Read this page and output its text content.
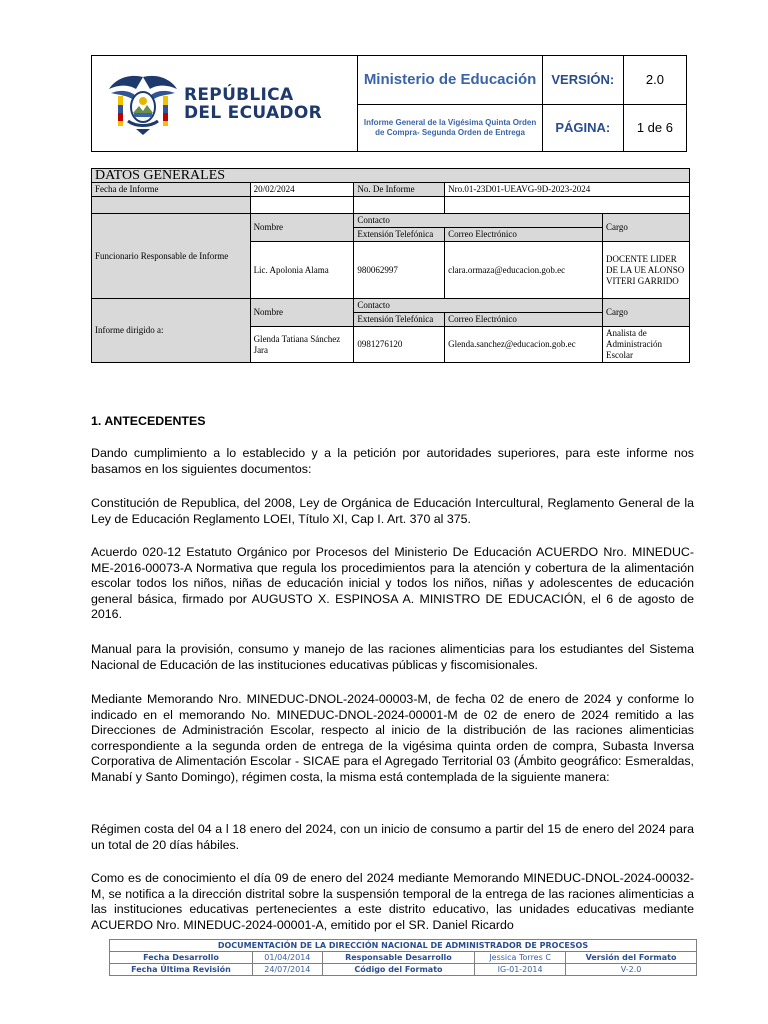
REPÚBLICA
DEL ECUADOR	Ministerio de Educación	VERSIÓN:	2.0

	Informe General de la Vigésima Quinta Orden de Compra- Segunda Orden de Entrega	PÁGINA:	1 de 6
DATOS GENERALES				
Fecha de Informe	20/02/2024	No. De Informe	Nro.01-23D01-UEAVG-9D-2023-2024	

Funcionario Responsable de Informe	Nombre	Contacto		Cargo
		Extensión Telefónica	Correo Electrónico	
	Lic. Apolonia Alama	980062997	clara.ormaza@educacion.gob.ec	DOCENTE LIDER DE LA UE ALONSO VITERI GARRIDO
Informe dirigido a:	Nombre	Contacto		Cargo
		Extensión Telefónica	Correo Electrónico	
	Glenda Tatiana Sánchez Jara	0981276120	Glenda.sanchez@educacion.gob.ec	Analista de Administración Escolar

1. ANTECEDENTES

Dando cumplimiento a lo establecido y a la petición por autoridades superiores, para este informe nos basamos en los siguientes documentos:

Constitución de Republica, del 2008, Ley de Orgánica de Educación Intercultural, Reglamento General de la Ley de Educación Reglamento LOEI, Título XI, Cap I. Art. 370 al 375.

Acuerdo 020-12 Estatuto Orgánico por Procesos del Ministerio De Educación ACUERDO Nro. MINEDUC-ME-2016-00073-A Normativa que regula los procedimientos para la atención y cobertura de la alimentación escolar todos los niños, niñas de educación inicial y todos los niños, niñas y adolescentes de educación general básica, firmado por AUGUSTO X. ESPINOSA A. MINISTRO DE EDUCACIÓN, el 6 de agosto de 2016.

Manual para la provisión, consumo y manejo de las raciones alimenticias para los estudiantes del Sistema Nacional de Educación de las instituciones educativas públicas y fiscomisionales.

Mediante Memorando Nro. MINEDUC-DNOL-2024-00003-M, de fecha 02 de enero de 2024 y conforme lo indicado en el memorando No. MINEDUC-DNOL-2024-00001-M de 02 de enero de 2024 remitido a las Direcciones de Administración Escolar, respecto al inicio de la distribución de las raciones alimenticias correspondiente a la segunda orden de entrega de la vigésima quinta orden de compra, Subasta Inversa Corporativa de Alimentación Escolar - SICAE para el Agregado Territorial 03 (Ámbito geográfico: Esmeraldas, Manabí y Santo Domingo), régimen costa, la misma está contemplada de la siguiente manera:

Régimen costa del 04 a l 18 enero del 2024, con un inicio de consumo a partir del 15 de enero del 2024 para un total de 20 días hábiles.

Como es de conocimiento el día 09 de enero del 2024 mediante Memorando MINEDUC-DNOL-2024-00032-M, se notifica a la dirección distrital sobre la suspensión temporal de la entrega de las raciones alimenticias a las instituciones educativas pertenecientes a este distrito educativo, las unidades educativas mediante ACUERDO Nro. MINEDUC-2024-00001-A, emitido por el SR. Daniel Ricardo

DOCUMENTACIÓN DE LA DIRECCIÓN NACIONAL DE ADMINISTRADOR DE PROCESOS				
Fecha Desarrollo	01/04/2014	Responsable Desarrollo	Jessica Torres C	Versión del Formato
Fecha Última Revisión	24/07/2014	Código del Formato	IG-01-2014	V-2.0
